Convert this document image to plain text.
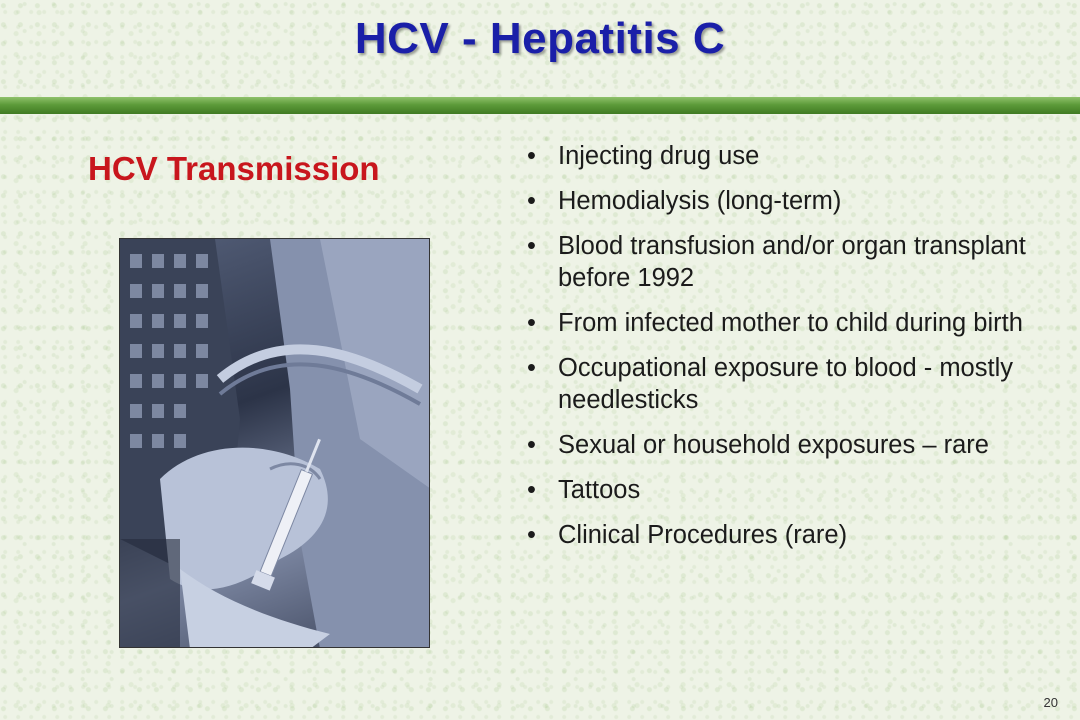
HCV - Hepatitis C
HCV Transmission	• Injecting drug use
• Hemodialysis (long-term)
• Blood transfusion and/or organ transplant before 1992
• From infected mother to child during birth
• Occupational exposure to blood - mostly needlesticks
• Sexual or household exposures – rare
• Tattoos
• Clinical Procedures (rare)
20
